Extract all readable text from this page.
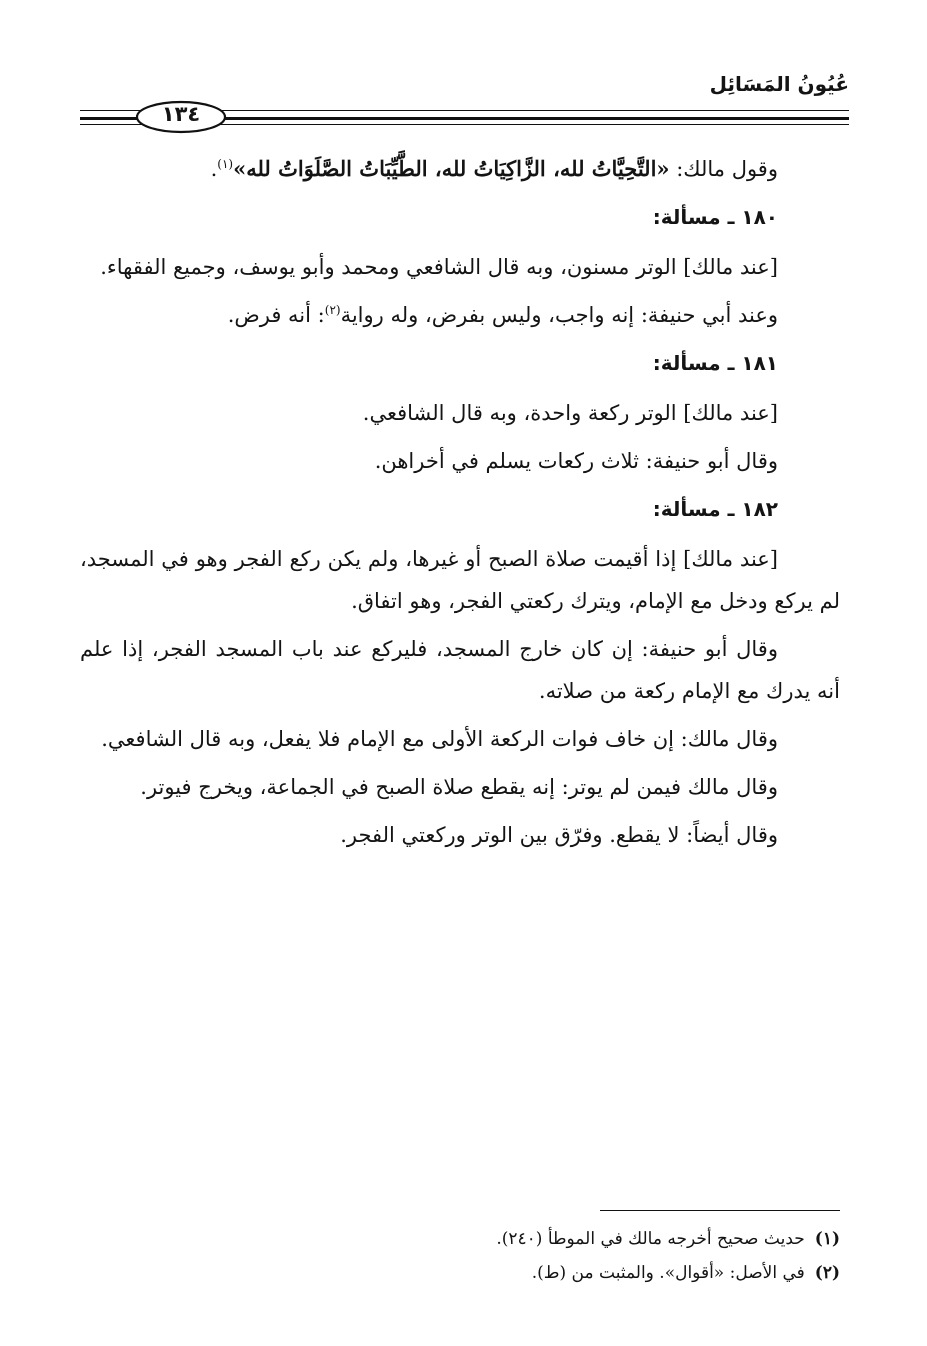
عُيُونُ المَسَائِل
١٣٤

وقول مالك: «التَّحِيَّاتُ لله، الزَّاكِيَاتُ لله، الطَّيِّبَاتُ الصَّلَوَاتُ لله»$^{(١)}$.

١٨٠ ـ مسألة:

[عند مالك] الوتر مسنون، وبه قال الشافعي ومحمد وأبو يوسف، وجميع الفقهاء.

وعند أبي حنيفة: إنه واجب، وليس بفرض، وله رواية$^{(٢)}$: أنه فرض.

١٨١ ـ مسألة:

[عند مالك] الوتر ركعة واحدة، وبه قال الشافعي.

وقال أبو حنيفة: ثلاث ركعات يسلم في أخراهن.

١٨٢ ـ مسألة:

[عند مالك] إذا أقيمت صلاة الصبح أو غيرها، ولم يكن ركع الفجر وهو في المسجد، لم يركع ودخل مع الإمام، ويترك ركعتي الفجر، وهو اتفاق.

وقال أبو حنيفة: إن كان خارج المسجد، فليركع عند باب المسجد الفجر، إذا علم أنه يدرك مع الإمام ركعة من صلاته.

وقال مالك: إن خاف فوات الركعة الأولى مع الإمام فلا يفعل، وبه قال الشافعي.

وقال مالك فيمن لم يوتر: إنه يقطع صلاة الصبح في الجماعة، ويخرج فيوتر.

وقال أيضاً: لا يقطع. وفرّق بين الوتر وركعتي الفجر.

(١)حديث صحيح أخرجه مالك في الموطأ (٢٤٠).

(٢)في الأصل: «أقوال». والمثبت من (ط).
